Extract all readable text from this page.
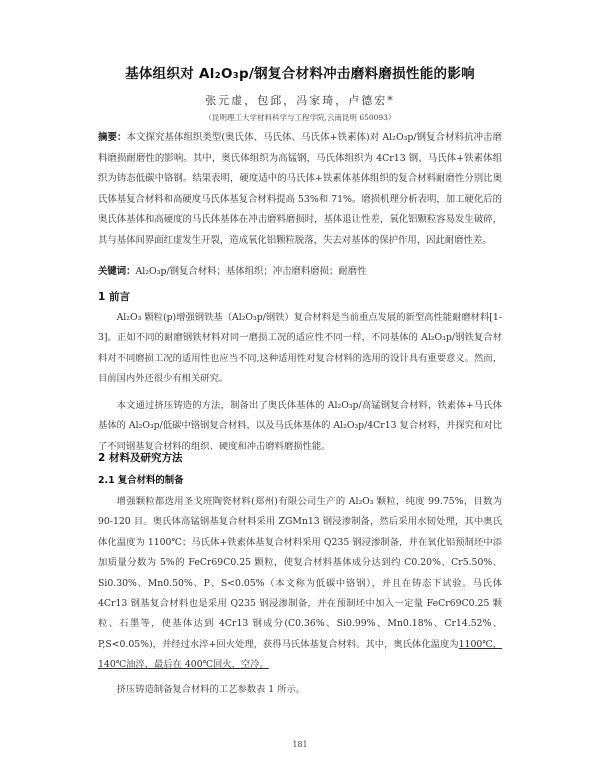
基体组织对 Al₂O₃p/钢复合材料冲击磨料磨损性能的影响
张元虚，包邱，冯家琦，卢德宏*
（昆明理工大学材料科学与工程学院,云南昆明 650093）
摘要：本文探究基体组织类型(奥氏体、马氏体、马氏体+铁素体)对 Al₂O₃p/钢复合材料抗冲击磨料磨损耐磨性的影响。其中，奥氏体组织为高锰钢，马氏体组织为 4Cr13 钢、马氏体+铁素体组织为铸态低碳中铬钢。结果表明，硬度适中的马氏体+铁素体基体组织的复合材料耐磨性分别比奥氏体基复合材料和高硬度马氏体基复合材料提高 53%和 71%。磨损机理分析表明，加工硬化后的奥氏体基体和高硬度的马氏体基体在冲击磨料磨损时，基体退让性差，氧化铝颗粒容易发生破碎，其与基体间界面红虚发生开裂，造成氧化铝颗粒脱落，失去对基体的保护作用，因此耐磨性差。
关键词：Al₂O₃p/钢复合材料；基体组织；冲击磨料磨损；耐磨性
1 前言
Al₂O₃ 颗粒(p)增强钢铁基（Al₂O₃p/钢铁）复合材料是当前重点发展的新型高性能耐磨材料[1-3]。正如不同的耐磨钢铁材料对同一磨损工况的适应性不同一样，不同基体的 Al₂O₃p/钢铁复合材料对不同磨损工况的适用性也应当不同,这种适用性对复合材料的选用的设计具有重要意义。然而，目前国内外还很少有相关研究。
本文通过挤压铸造的方法，制备出了奥氏体基体的 Al₂O₃p/高锰钢复合材料，铁素体+马氏体基体的 Al₂O₃p/低碳中铬钢复合材料，以及马氏体基体的 Al₂O₃p/4Cr13 复合材料，并探究和对比了不同钢基复合材料的组织、硬度和冲击磨料磨损性能。
2 材料及研究方法
2.1 复合材料的制备
增强颗粒都选用圣戈班陶瓷材料(郑州)有限公司生产的 Al₂O₃ 颗粒，纯度 99.75%，目数为 90-120 目。奥氏体高锰钢基复合材料采用 ZGMn13 钢浸渗制备，然后采用水韧处理，其中奥氏体化温度为 1100℃；马氏体+铁素体基复合材料采用 Q235 钢浸渗制备，并在氧化铝预制坯中添加质量分数为 5%的 FeCr69C0.25 颗粒，使复合材料基体成分达到约 C0.20%、Cr5.50%、Si0.30%、Mn0.50%、P、S<0.05%（本文称为低碳中铬钢），并且在铸态下试验。马氏体 4Cr13 钢基复合材料也是采用 Q235 钢浸渗制备，并在预制坯中加入一定量 FeCr69C0.25 颗粒、石墨等，使基体达到 4Cr13 钢成分(C0.36%、Si0.99%、Mn0.18%、Cr14.52%、P,S<0.05%)，并经过水淬+回火处理，获得马氏体基复合材料。其中，奥氏体化温度为1100℃，140℃油淬，最后在 400℃回火，空冷。
挤压铸造制备复合材料的工艺参数表 1 所示。
181
